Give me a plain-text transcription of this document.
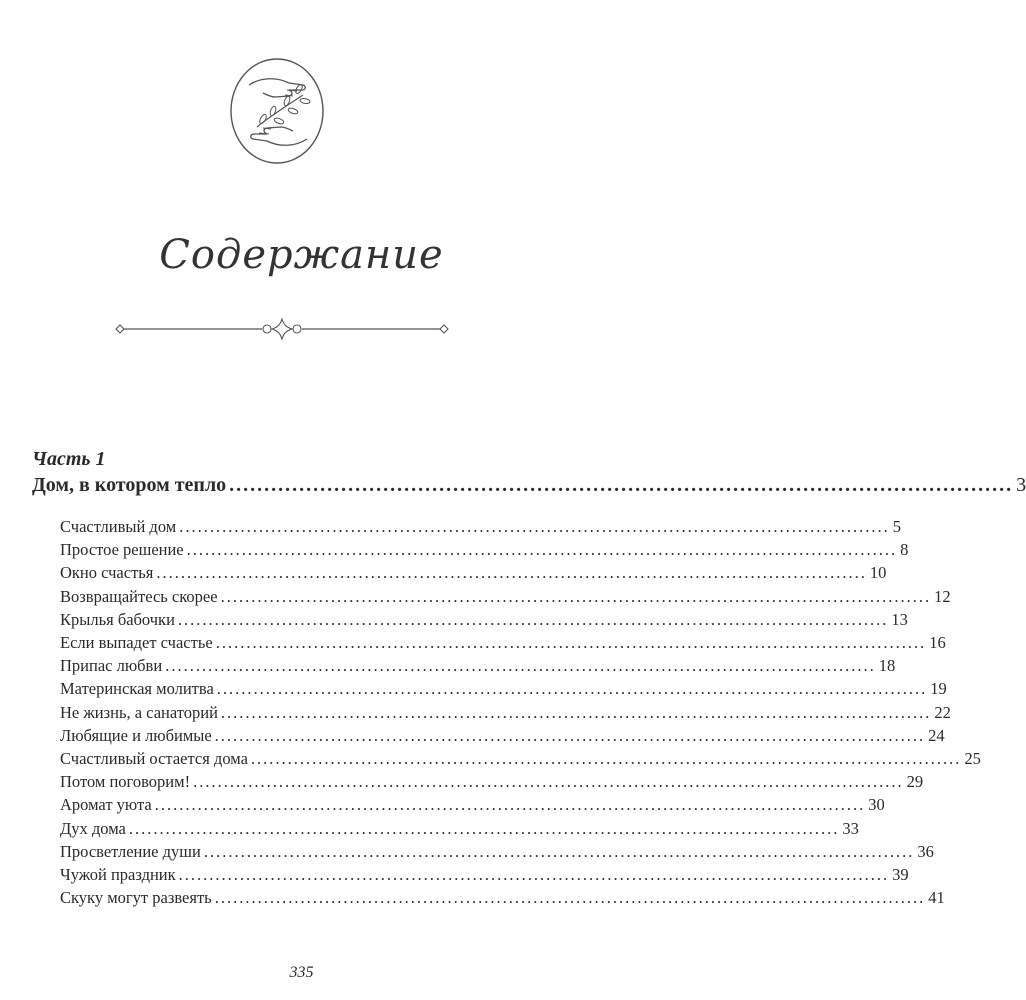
Содержание
Часть 1
Дом, в котором тепло ................................................................................................................ 3
Счастливый дом .................................................................................................................... 5
Простое решение .................................................................................................................... 8
Окно счастья .................................................................................................................... 10
Возвращайтесь скорее .................................................................................................................... 12
Крылья бабочки .................................................................................................................... 13
Если выпадет счастье .................................................................................................................... 16
Припас любви .................................................................................................................... 18
Материнская молитва .................................................................................................................... 19
Не жизнь, а санаторий .................................................................................................................... 22
Любящие и любимые .................................................................................................................... 24
Счастливый остается дома .................................................................................................................... 25
Потом поговорим! .................................................................................................................... 29
Аромат уюта .................................................................................................................... 30
Дух дома .................................................................................................................... 33
Просветление души .................................................................................................................... 36
Чужой праздник .................................................................................................................... 39
Скуку могут развеять .................................................................................................................... 41
335
